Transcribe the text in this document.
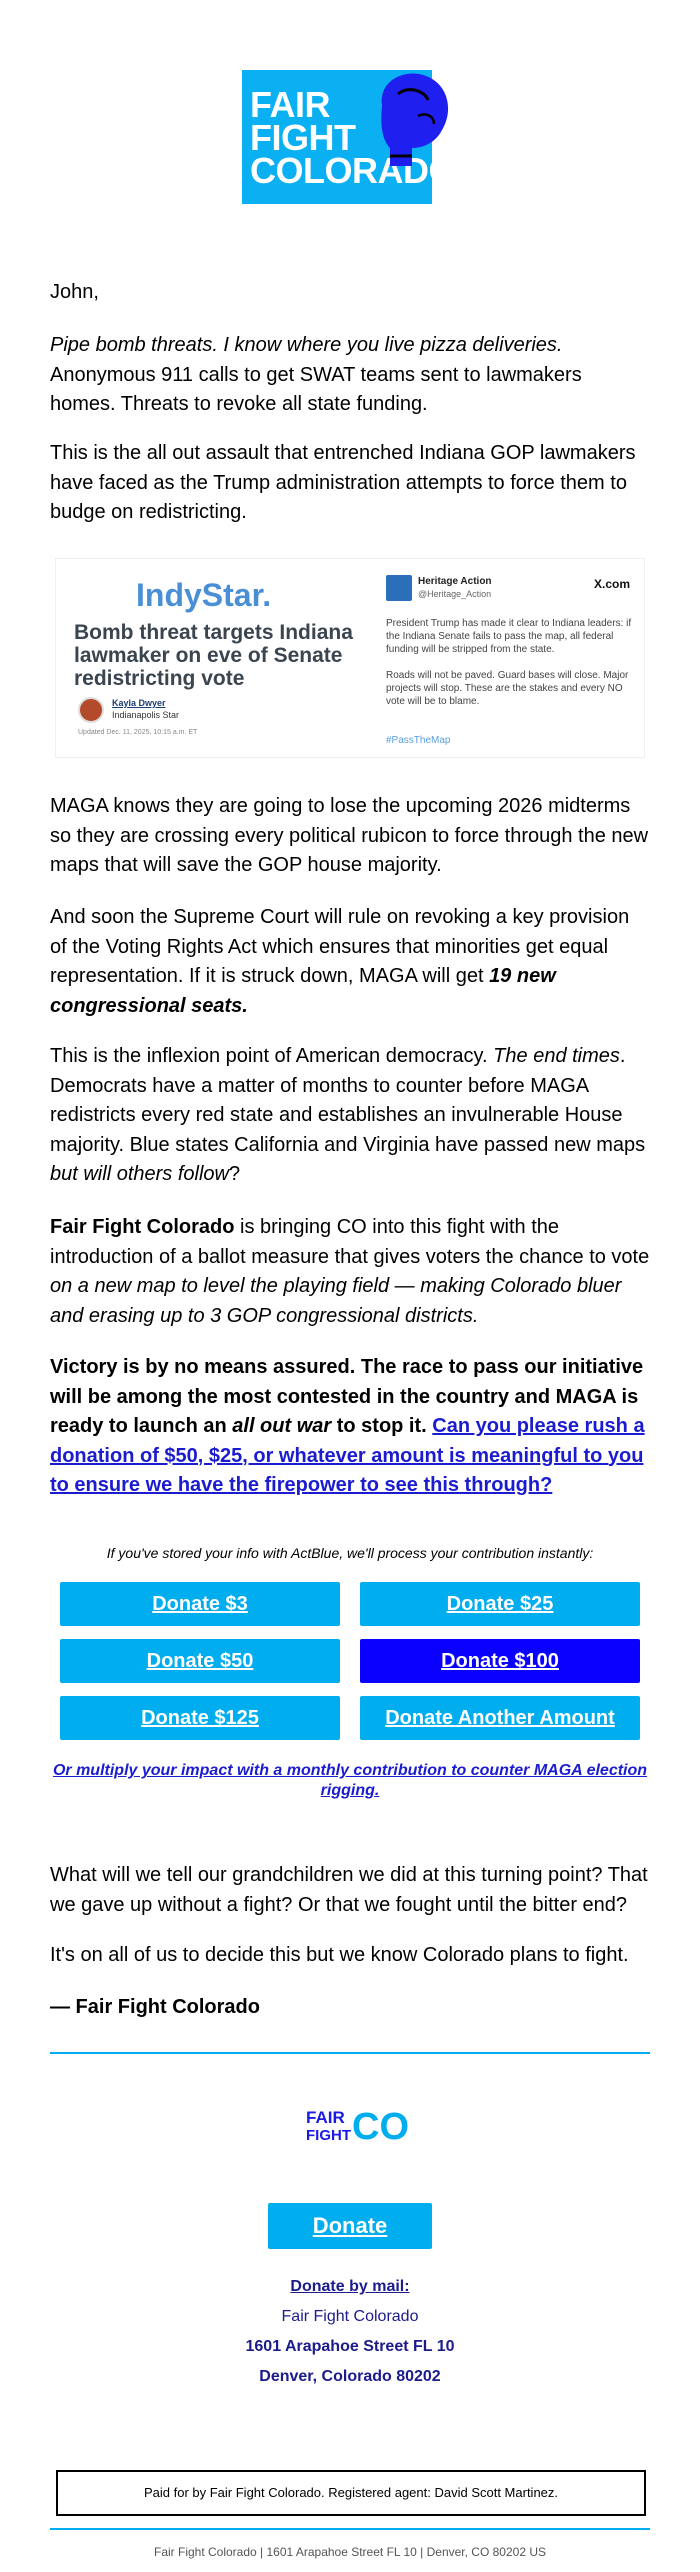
FAIR
FIGHT
COLORADO

John,

Pipe bomb threats. I know where you live pizza deliveries. Anonymous 911 calls to get SWAT teams sent to lawmakers homes. Threats to revoke all state funding.

This is the all out assault that entrenched Indiana GOP lawmakers have faced as the Trump administration attempts to force them to budge on redistricting.

IndyStar.
Bomb threat targets Indiana lawmaker on eve of Senate redistricting vote
Kayla Dwyer
Indianapolis Star
Updated Dec. 11, 2025, 10:15 a.m. ET
Heritage Action
@Heritage_Action
X.com

President Trump has made it clear to Indiana leaders: if the Indiana Senate fails to pass the map, all federal funding will be stripped from the state.

Roads will not be paved. Guard bases will close. Major projects will stop. These are the stakes and every NO vote will be to blame.

#PassTheMap

MAGA knows they are going to lose the upcoming 2026 midterms so they are crossing every political rubicon to force through the new maps that will save the GOP house majority.

And soon the Supreme Court will rule on revoking a key provision of the Voting Rights Act which ensures that minorities get equal representation. If it is struck down, MAGA will get 19 new congressional seats.

This is the inflexion point of American democracy. The end times. Democrats have a matter of months to counter before MAGA redistricts every red state and establishes an invulnerable House majority. Blue states California and Virginia have passed new maps but will others follow?

Fair Fight Colorado is bringing CO into this fight with the introduction of a ballot measure that gives voters the chance to vote on a new map to level the playing field — making Colorado bluer and erasing up to 3 GOP congressional districts.

Victory is by no means assured. The race to pass our initiative will be among the most contested in the country and MAGA is ready to launch an all out war to stop it. Can you please rush a donation of $50, $25, or whatever amount is meaningful to you to ensure we have the firepower to see this through?

If you've stored your info with ActBlue, we'll process your contribution instantly:
Donate $3	Donate $25
Donate $50	Donate $100
Donate $125	Donate Another Amount
Or multiply your impact with a monthly contribution to counter MAGA election rigging.

What will we tell our grandchildren we did at this turning point? That we gave up without a fight? Or that we fought until the bitter end?

It's on all of us to decide this but we know Colorado plans to fight.

— Fair Fight Colorado

FAIR
FIGHT CO
Donate
Donate by mail:
Fair Fight Colorado
1601 Arapahoe Street FL 10
Denver, Colorado 80202
Paid for by Fair Fight Colorado. Registered agent: David Scott Martinez.
Fair Fight Colorado | 1601 Arapahoe Street FL 10 | Denver, CO 80202 US
